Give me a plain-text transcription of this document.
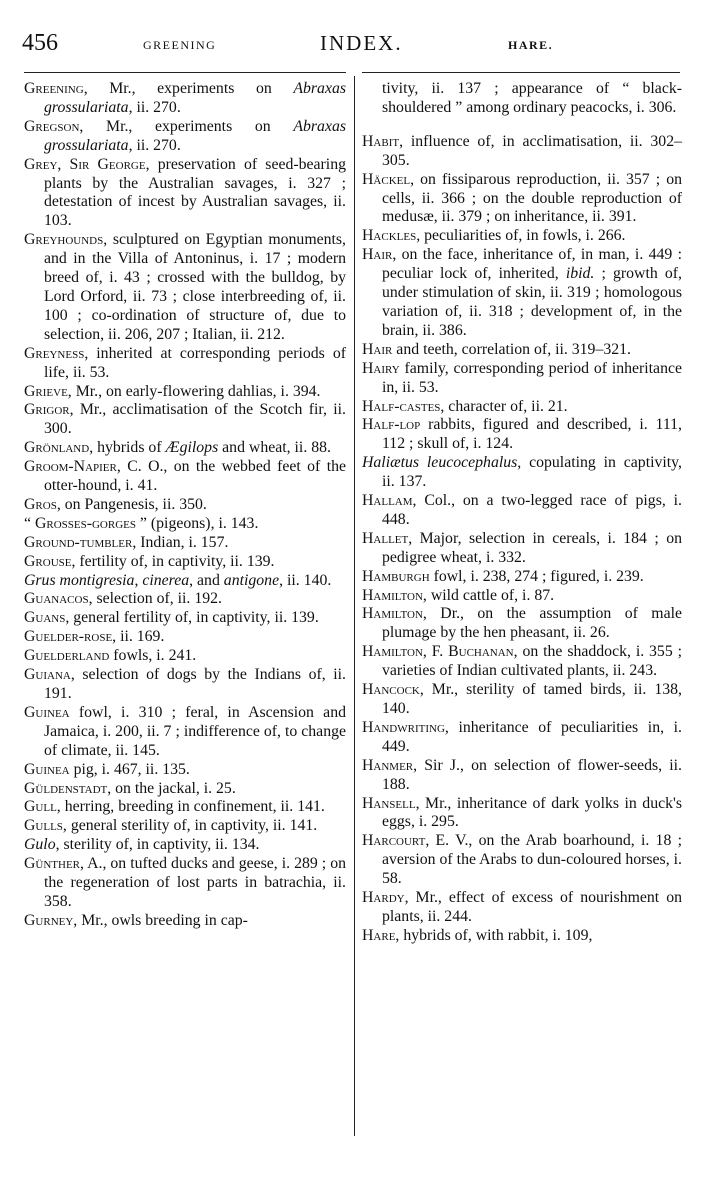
456	GREENING	INDEX.	HARE.
Greening, Mr., experiments on Abraxas grossulariata, ii. 270.
Gregson, Mr., experiments on Abraxas grossulariata, ii. 270.
Grey, Sir George, preservation of seed-bearing plants by the Australian savages, i. 327 ; detestation of incest by Australian savages, ii. 103.
Greyhounds, sculptured on Egyptian monuments, and in the Villa of Antoninus, i. 17 ; modern breed of, i. 43 ; crossed with the bulldog, by Lord Orford, ii. 73 ; close interbreeding of, ii. 100 ; co-ordination of structure of, due to selection, ii. 206, 207 ; Italian, ii. 212.
Greyness, inherited at corresponding periods of life, ii. 53.
Grieve, Mr., on early-flowering dahlias, i. 394.
Grigor, Mr., acclimatisation of the Scotch fir, ii. 300.
Grönland, hybrids of Ægilops and wheat, ii. 88.
Groom-Napier, C. O., on the webbed feet of the otter-hound, i. 41.
Gros, on Pangenesis, ii. 350.
“ Grosses-gorges ” (pigeons), i. 143.
Ground-tumbler, Indian, i. 157.
Grouse, fertility of, in captivity, ii. 139.
Grus montigresia, cinerea, and antigone, ii. 140.
Guanacos, selection of, ii. 192.
Guans, general fertility of, in captivity, ii. 139.
Guelder-rose, ii. 169.
Guelderland fowls, i. 241.
Guiana, selection of dogs by the Indians of, ii. 191.
Guinea fowl, i. 310 ; feral, in Ascension and Jamaica, i. 200, ii. 7 ; indifference of, to change of climate, ii. 145.
Guinea pig, i. 467, ii. 135.
Güldenstadt, on the jackal, i. 25.
Gull, herring, breeding in confinement, ii. 141.
Gulls, general sterility of, in captivity, ii. 141.
Gulo, sterility of, in captivity, ii. 134.
Günther, A., on tufted ducks and geese, i. 289 ; on the regeneration of lost parts in batrachia, ii. 358.
Gurney, Mr., owls breeding in cap-
tivity, ii. 137 ; appearance of “ black-shouldered ” among ordinary peacocks, i. 306.
Habit, influence of, in acclimatisation, ii. 302–305.
Häckel, on fissiparous reproduction, ii. 357 ; on cells, ii. 366 ; on the double reproduction of medusæ, ii. 379 ; on inheritance, ii. 391.
Hackles, peculiarities of, in fowls, i. 266.
Hair, on the face, inheritance of, in man, i. 449 : peculiar lock of, inherited, ibid. ; growth of, under stimulation of skin, ii. 319 ; homologous variation of, ii. 318 ; development of, in the brain, ii. 386.
Hair and teeth, correlation of, ii. 319–321.
Hairy family, corresponding period of inheritance in, ii. 53.
Half-castes, character of, ii. 21.
Half-lop rabbits, figured and described, i. 111, 112 ; skull of, i. 124.
Haliætus leucocephalus, copulating in captivity, ii. 137.
Hallam, Col., on a two-legged race of pigs, i. 448.
Hallet, Major, selection in cereals, i. 184 ; on pedigree wheat, i. 332.
Hamburgh fowl, i. 238, 274 ; figured, i. 239.
Hamilton, wild cattle of, i. 87.
Hamilton, Dr., on the assumption of male plumage by the hen pheasant, ii. 26.
Hamilton, F. Buchanan, on the shaddock, i. 355 ; varieties of Indian cultivated plants, ii. 243.
Hancock, Mr., sterility of tamed birds, ii. 138, 140.
Handwriting, inheritance of peculiarities in, i. 449.
Hanmer, Sir J., on selection of flower-seeds, ii. 188.
Hansell, Mr., inheritance of dark yolks in duck's eggs, i. 295.
Harcourt, E. V., on the Arab boarhound, i. 18 ; aversion of the Arabs to dun-coloured horses, i. 58.
Hardy, Mr., effect of excess of nourishment on plants, ii. 244.
Hare, hybrids of, with rabbit, i. 109,
